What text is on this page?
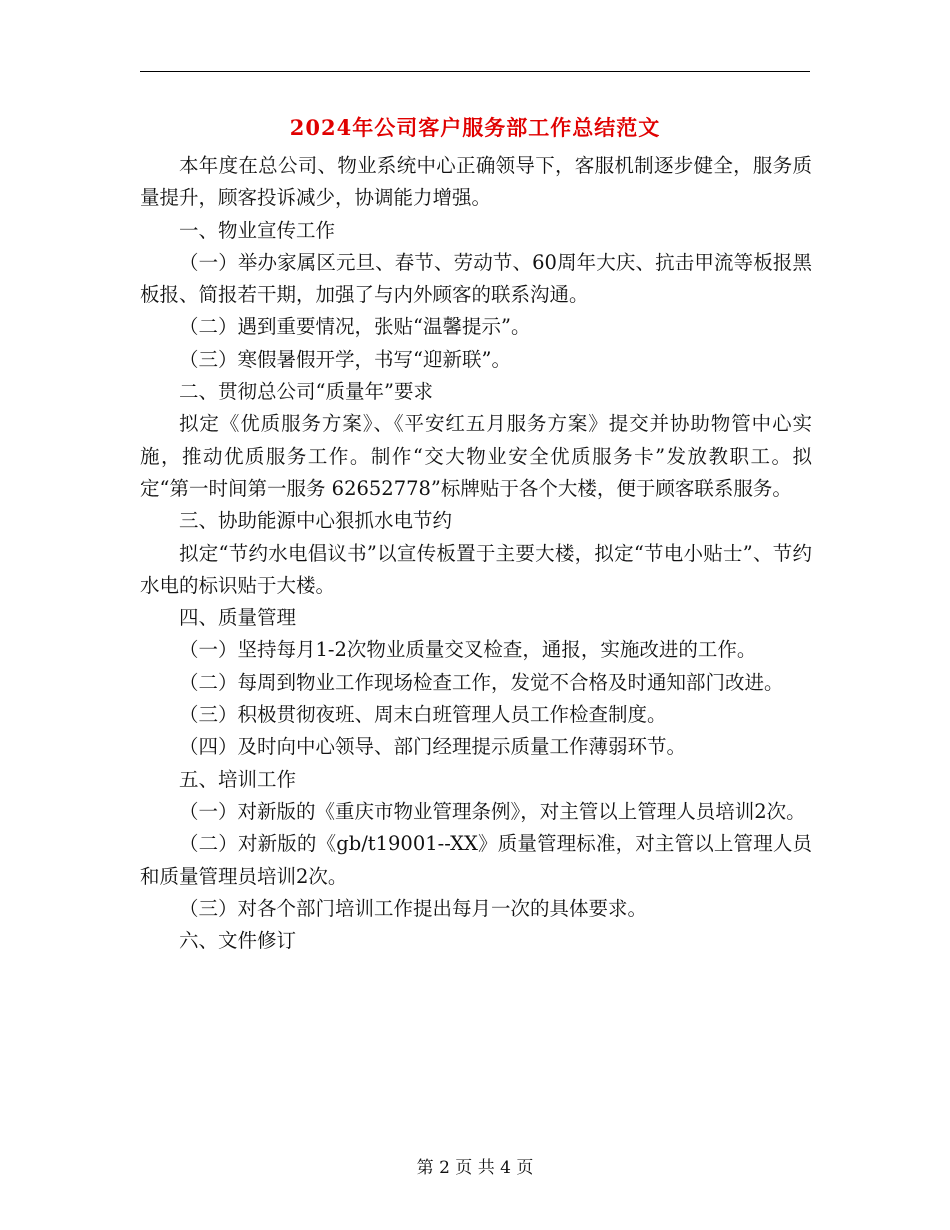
2024年公司客户服务部工作总结范文

本年度在总公司、物业系统中心正确领导下，客服机制逐步健全，服务质量提升，顾客投诉减少，协调能力增强。

一、物业宣传工作

（一）举办家属区元旦、春节、劳动节、60周年大庆、抗击甲流等板报黑板报、简报若干期，加强了与内外顾客的联系沟通。

（二）遇到重要情况，张贴“温馨提示”。

（三）寒假暑假开学，书写“迎新联”。

二、贯彻总公司“质量年”要求

拟定《优质服务方案》、《平安红五月服务方案》提交并协助物管中心实施，推动优质服务工作。制作“交大物业安全优质服务卡”发放教职工。拟定“第一时间第一服务 62652778”标牌贴于各个大楼，便于顾客联系服务。

三、协助能源中心狠抓水电节约

拟定“节约水电倡议书”以宣传板置于主要大楼，拟定“节电小贴士”、节约水电的标识贴于大楼。

四、质量管理

（一）坚持每月1-2次物业质量交叉检查，通报，实施改进的工作。

（二）每周到物业工作现场检查工作，发觉不合格及时通知部门改进。

（三）积极贯彻夜班、周末白班管理人员工作检查制度。

（四）及时向中心领导、部门经理提示质量工作薄弱环节。

五、培训工作

（一）对新版的《重庆市物业管理条例》，对主管以上管理人员培训2次。

（二）对新版的《gb/t19001--XX》质量管理标准，对主管以上管理人员和质量管理员培训2次。

（三）对各个部门培训工作提出每月一次的具体要求。

六、文件修订

第 2 页 共 4 页
